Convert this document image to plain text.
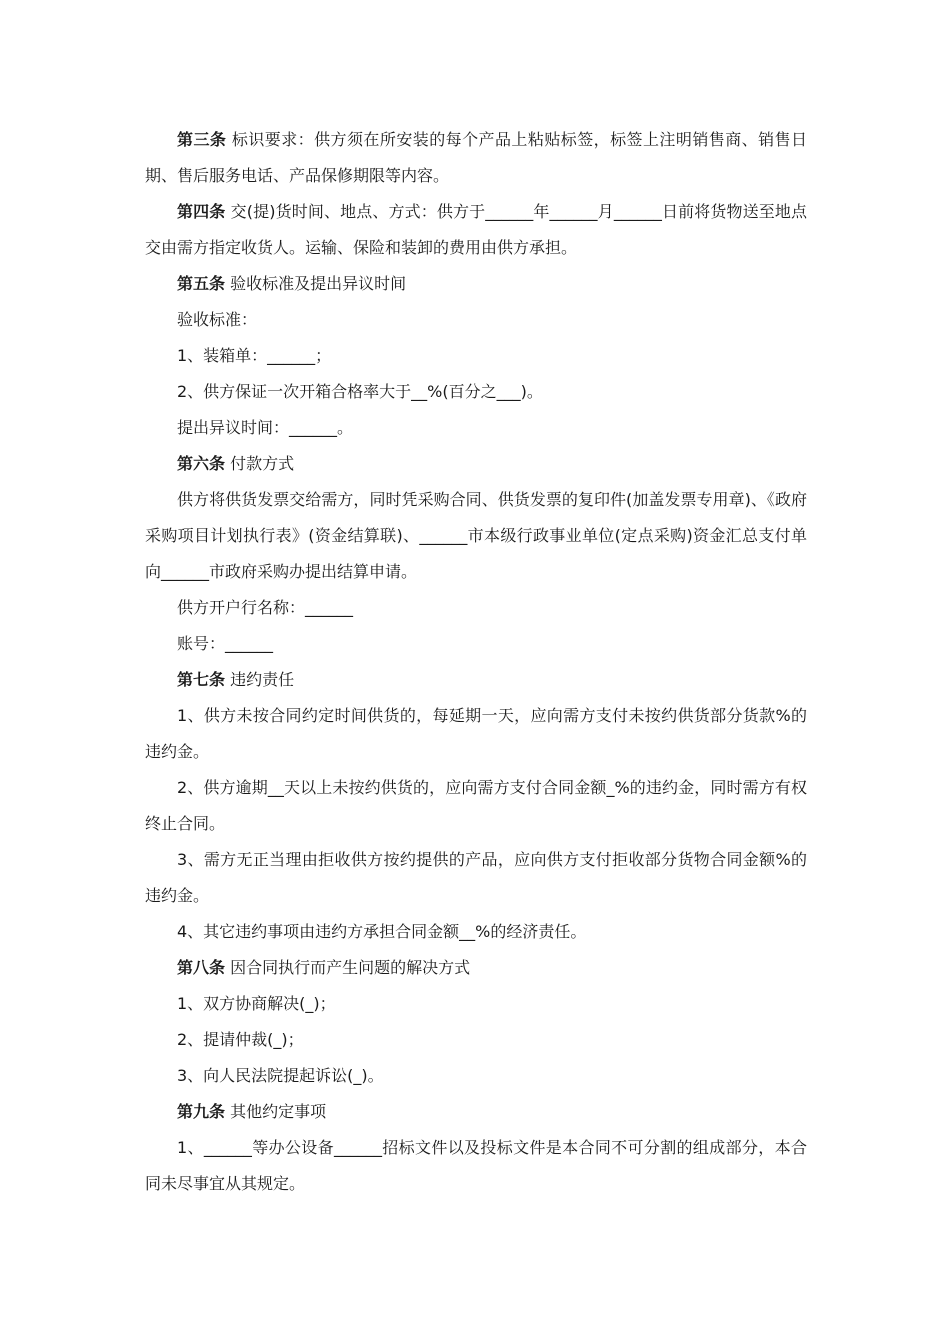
第三条 标识要求：供方须在所安装的每个产品上粘贴标签，标签上注明销售商、销售日期、售后服务电话、产品保修期限等内容。

第四条 交(提)货时间、地点、方式：供方于______年______月______日前将货物送至地点交由需方指定收货人。运输、保险和装卸的费用由供方承担。

第五条 验收标准及提出异议时间

验收标准：

1、装箱单：______；

2、供方保证一次开箱合格率大于__%(百分之___)。

提出异议时间：______。

第六条 付款方式

供方将供货发票交给需方，同时凭采购合同、供货发票的复印件(加盖发票专用章)、《政府采购项目计划执行表》(资金结算联)、______市本级行政事业单位(定点采购)资金汇总支付单向______市政府采购办提出结算申请。

供方开户行名称：______

账号：______

第七条 违约责任

1、供方未按合同约定时间供货的，每延期一天，应向需方支付未按约供货部分货款%的违约金。

2、供方逾期__天以上未按约供货的，应向需方支付合同金额_%的违约金，同时需方有权终止合同。

3、需方无正当理由拒收供方按约提供的产品，应向供方支付拒收部分货物合同金额%的违约金。

4、其它违约事项由违约方承担合同金额__%的经济责任。

第八条 因合同执行而产生问题的解决方式

1、双方协商解决(_)；

2、提请仲裁(_)；

3、向人民法院提起诉讼(_)。

第九条 其他约定事项

1、______等办公设备______招标文件以及投标文件是本合同不可分割的组成部分，本合同未尽事宜从其规定。
